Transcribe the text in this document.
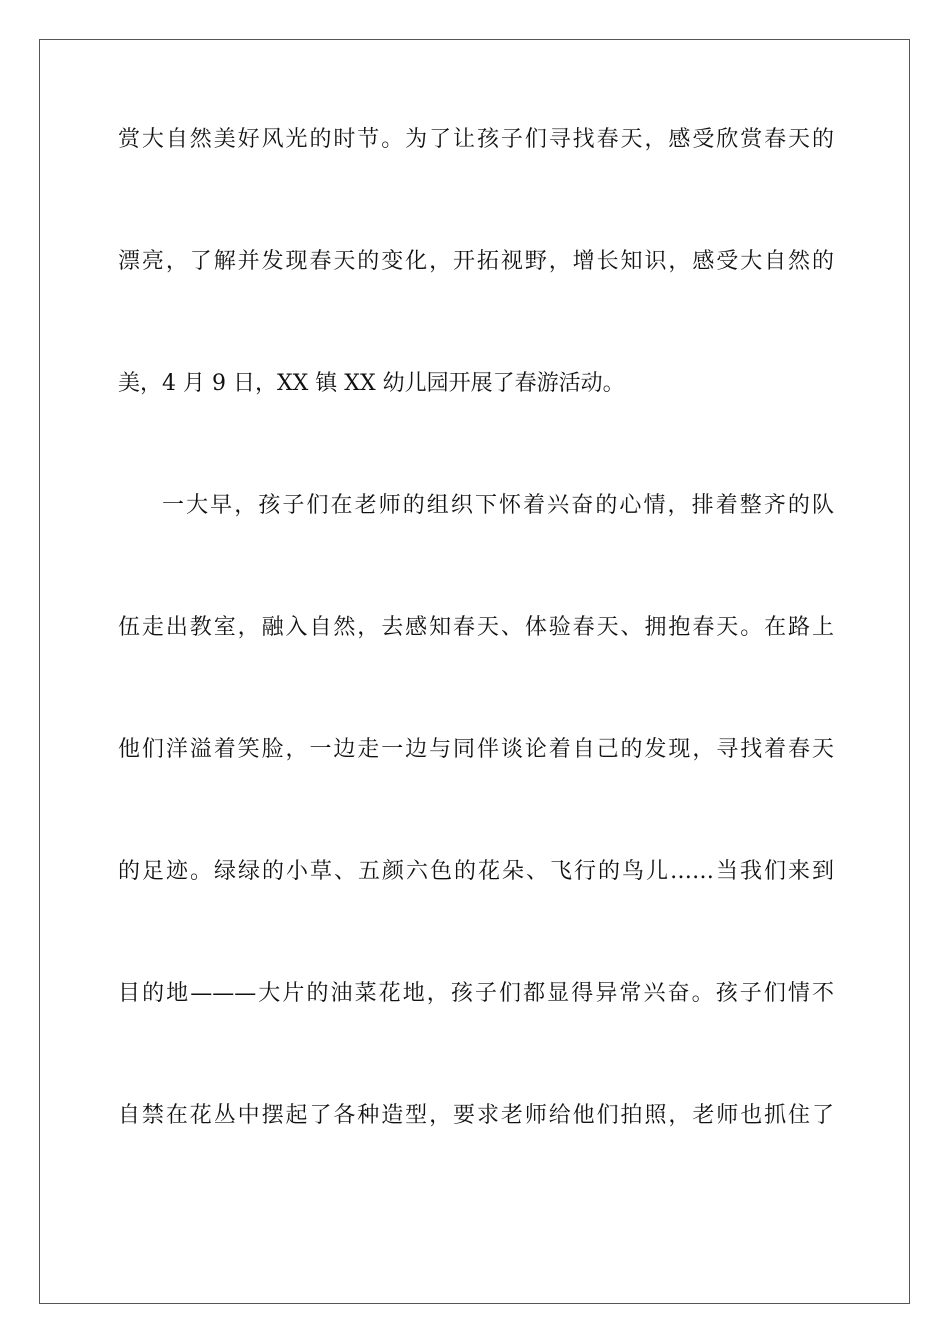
赏大自然美好风光的时节。为了让孩子们寻找春天，感受欣赏春天的
漂亮，了解并发现春天的变化，开拓视野，增长知识，感受大自然的
美，4 月 9 日，XX 镇 XX 幼儿园开展了春游活动。
一大早，孩子们在老师的组织下怀着兴奋的心情，排着整齐的队
伍走出教室，融入自然，去感知春天、体验春天、拥抱春天。在路上
他们洋溢着笑脸，一边走一边与同伴谈论着自己的发现，寻找着春天
的足迹。绿绿的小草、五颜六色的花朵、飞行的鸟儿……当我们来到
目的地———大片的油菜花地，孩子们都显得异常兴奋。孩子们情不
自禁在花丛中摆起了各种造型，要求老师给他们拍照，老师也抓住了
